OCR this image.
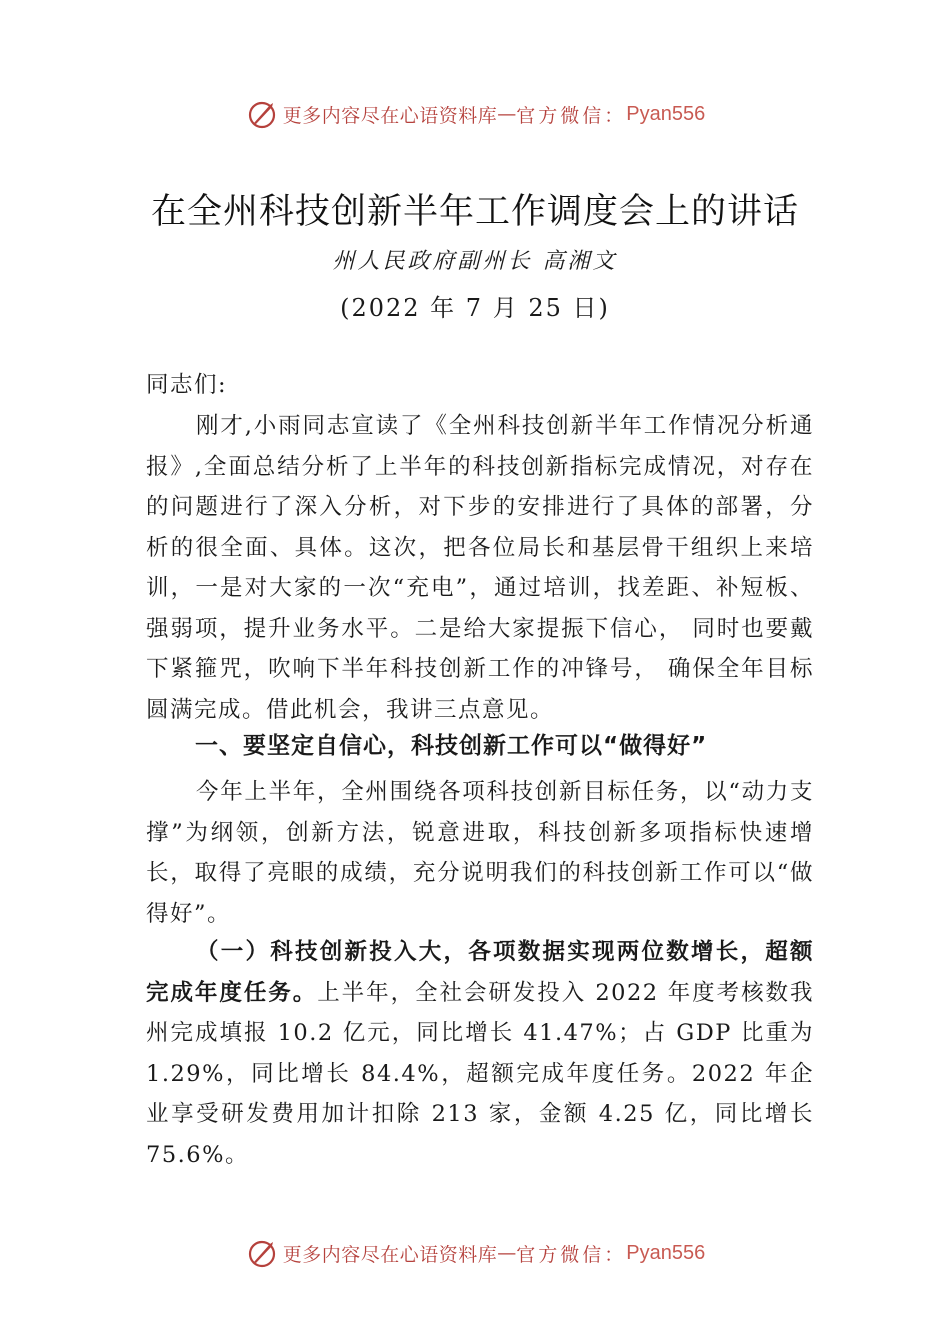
更多内容尽在心语资料库 — 官方微信： Pyan556
在全州科技创新半年工作调度会上的讲话
州人民政府副州长 高湘文
(2022 年 7 月 25 日)

同志们:

刚才,小雨同志宣读了《全州科技创新半年工作情况分析通报》,全面总结分析了上半年的科技创新指标完成情况，对存在的问题进行了深入分析，对下步的安排进行了具体的部署，分析的很全面、具体。这次，把各位局长和基层骨干组织上来培训，一是对大家的一次“充电”，通过培训，找差距、补短板、强弱项，提升业务水平。二是给大家提振下信心， 同时也要戴下紧箍咒，吹响下半年科技创新工作的冲锋号， 确保全年目标圆满完成。借此机会，我讲三点意见。

一、要坚定自信心，科技创新工作可以“做得好”

今年上半年，全州围绕各项科技创新目标任务，以“动力支撑”为纲领，创新方法，锐意进取，科技创新多项指标快速增长，取得了亮眼的成绩，充分说明我们的科技创新工作可以“做得好”。

（一）科技创新投入大，各项数据实现两位数增长，超额完成年度任务。上半年，全社会研发投入 2022 年度考核数我州完成填报 10.2 亿元，同比增长 41.47%；占 GDP 比重为 1.29%，同比增长 84.4%，超额完成年度任务。2022 年企业享受研发费用加计扣除 213 家，金额 4.25 亿，同比增长 75.6%。

更多内容尽在心语资料库 — 官方微信： Pyan556
